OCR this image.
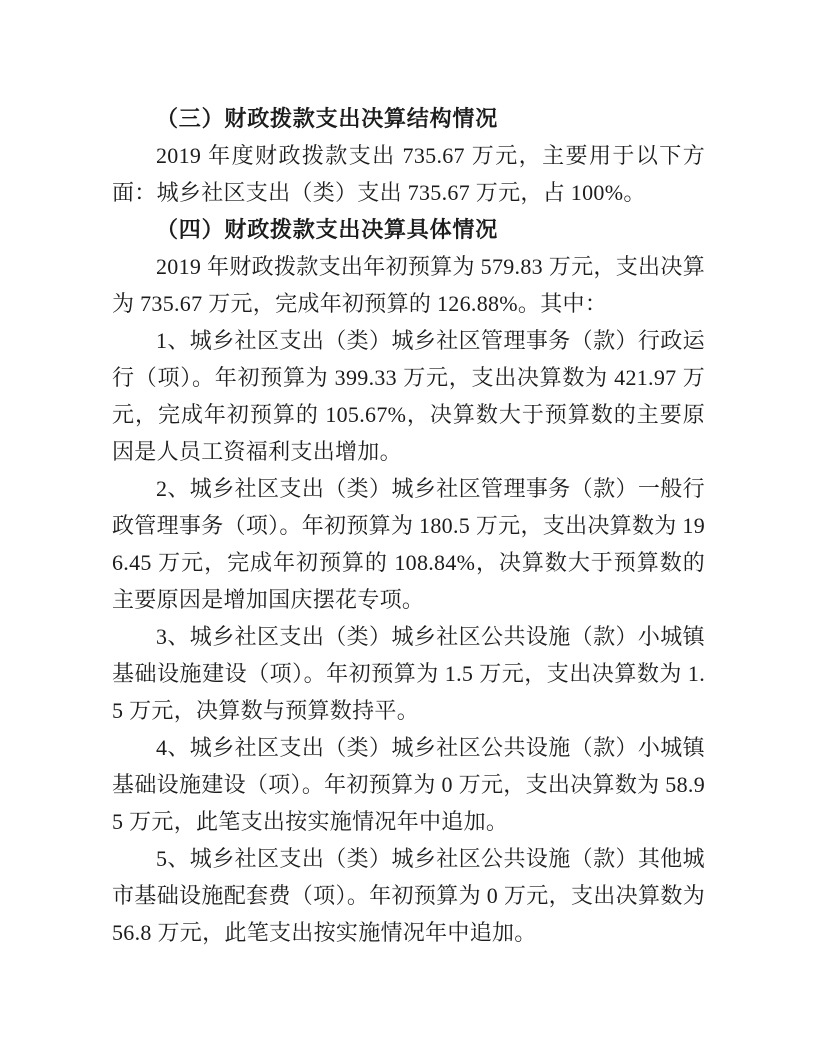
（三）财政拨款支出决算结构情况

2019 年度财政拨款支出 735.67 万元，主要用于以下方面：城乡社区支出（类）支出 735.67 万元，占 100%。

（四）财政拨款支出决算具体情况

2019 年财政拨款支出年初预算为 579.83 万元，支出决算为 735.67 万元，完成年初预算的 126.88%。其中：

1、城乡社区支出（类）城乡社区管理事务（款）行政运行（项）。年初预算为 399.33 万元，支出决算数为 421.97 万元，完成年初预算的 105.67%，决算数大于预算数的主要原因是人员工资福利支出增加。

2、城乡社区支出（类）城乡社区管理事务（款）一般行政管理事务（项）。年初预算为 180.5 万元，支出决算数为 196.45 万元，完成年初预算的 108.84%，决算数大于预算数的主要原因是增加国庆摆花专项。

3、城乡社区支出（类）城乡社区公共设施（款）小城镇基础设施建设（项）。年初预算为 1.5 万元，支出决算数为 1.5 万元，决算数与预算数持平。

4、城乡社区支出（类）城乡社区公共设施（款）小城镇基础设施建设（项）。年初预算为 0 万元，支出决算数为 58.95 万元，此笔支出按实施情况年中追加。

5、城乡社区支出（类）城乡社区公共设施（款）其他城市基础设施配套费（项）。年初预算为 0 万元，支出决算数为 56.8 万元，此笔支出按实施情况年中追加。
